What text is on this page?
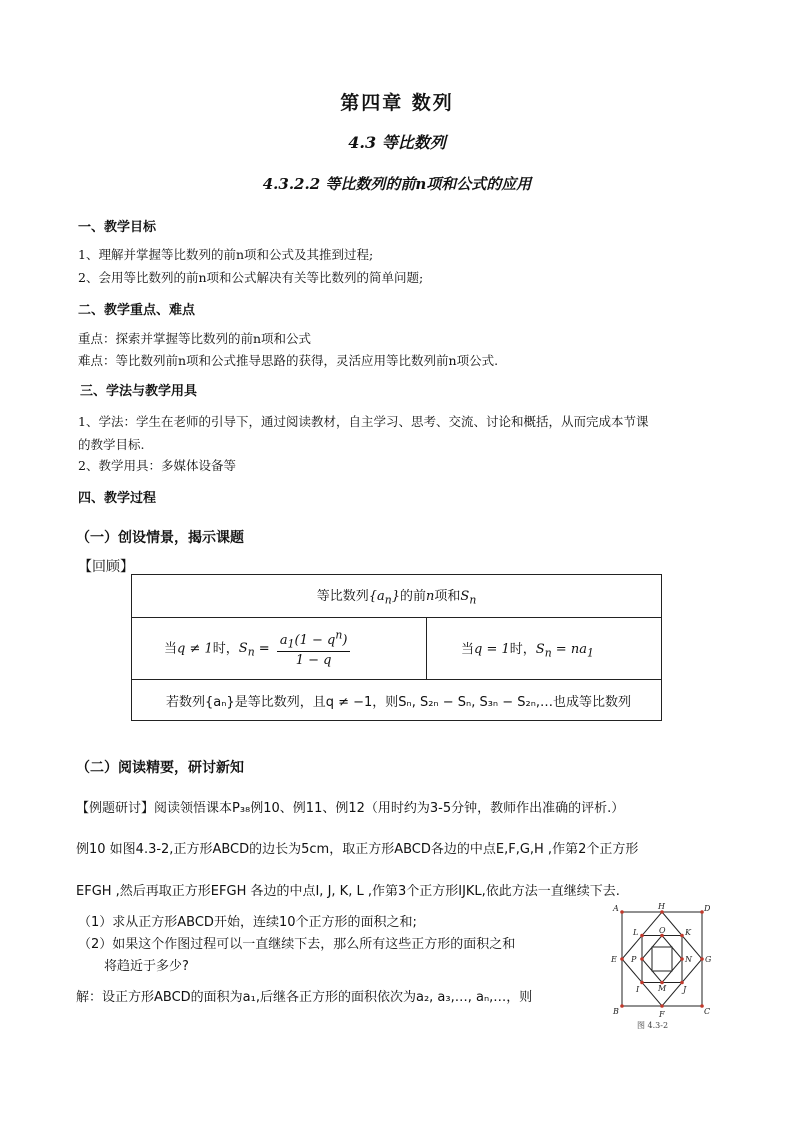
第四章 数列
4.3 等比数列
4.3.2.2 等比数列的前n项和公式的应用
一、教学目标
1、理解并掌握等比数列的前n项和公式及其推到过程;
2、会用等比数列的前n项和公式解决有关等比数列的简单问题;
二、教学重点、难点
重点：探索并掌握等比数列的前n项和公式
难点：等比数列前n项和公式推导思路的获得，灵活应用等比数列前n项公式.
三、学法与教学用具
1、学法：学生在老师的引导下，通过阅读教材，自主学习、思考、交流、讨论和概括，从而完成本节课
的教学目标.
2、教学用具：多媒体设备等
四、教学过程
（一）创设情景，揭示课题
【回顾】
等比数列$\{a_n\}$的前n项和$S_n$
当q ≠ 1时，$S_n = \frac{a_1(1 - q^n)}{1 - q}$	当q = 1时，$S_n = na_1$
若数列{aₙ}是等比数列，且q ≠ −1，则Sₙ, S₂ₙ − Sₙ, S₃ₙ − S₂ₙ,…也成等比数列
（二）阅读精要，研讨新知
【例题研讨】阅读领悟课本P₃₈例10、例11、例12（用时约为3-5分钟，教师作出准确的评析.）
例10 如图4.3-2,正方形ABCD的边长为5cm，取正方形ABCD各边的中点E,F,G,H ,作第2个正方形
EFGH ,然后再取正方形EFGH 各边的中点I, J, K, L ,作第3个正方形IJKL,依此方法一直继续下去.
（1）求从正方形ABCD开始，连续10个正方形的面积之和;
（2）如果这个作图过程可以一直继续下去，那么所有这些正方形的面积之和
将趋近于多少?
解：设正方形ABCD的面积为a₁,后继各正方形的面积依次为a₂, a₃,…, aₙ,…，则
A	H	D
L	O K
E P	N G
I M J
B	F	C
图 4.3-2
